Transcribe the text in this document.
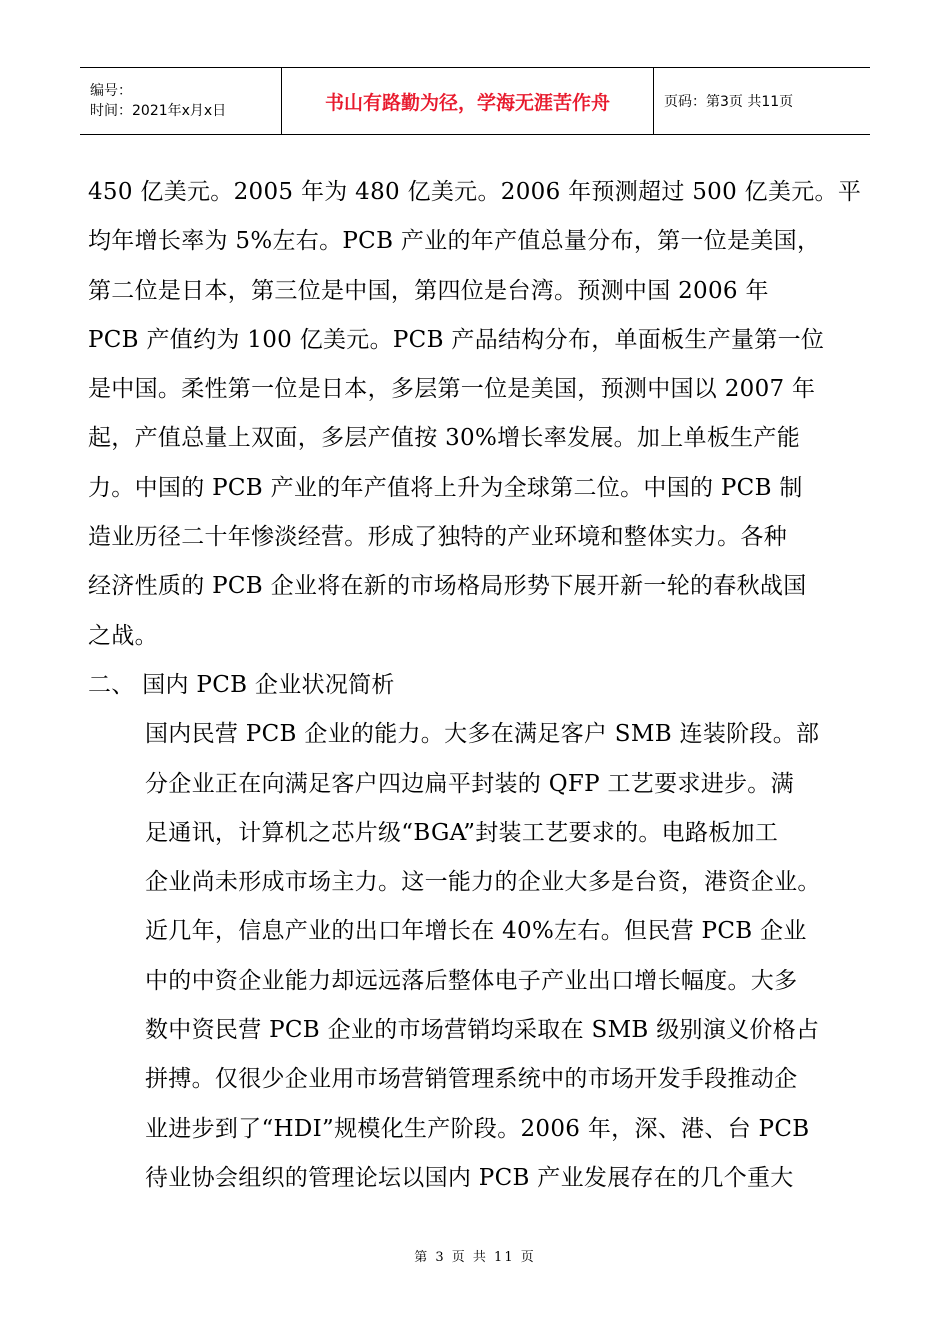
编号：
时间：2021年x月x日	书山有路勤为径，学海无涯苦作舟	页码：第3页 共11页
450 亿美元。2005 年为 480 亿美元。2006 年预测超过 500 亿美元。平
均年增长率为 5%左右。PCB 产业的年产值总量分布，第一位是美国，
第二位是日本，第三位是中国，第四位是台湾。预测中国 2006 年
PCB 产值约为 100 亿美元。PCB 产品结构分布，单面板生产量第一位
是中国。柔性第一位是日本，多层第一位是美国，预测中国以 2007 年
起，产值总量上双面，多层产值按 30%增长率发展。加上单板生产能
力。中国的 PCB 产业的年产值将上升为全球第二位。中国的 PCB 制
造业历径二十年惨淡经营。形成了独特的产业环境和整体实力。各种
经济性质的 PCB 企业将在新的市场格局形势下展开新一轮的春秋战国
之战。
二、 国内 PCB 企业状况简析
国内民营 PCB 企业的能力。大多在满足客户 SMB 连装阶段。部
分企业正在向满足客户四边扁平封装的 QFP 工艺要求进步。满
足通讯，计算机之芯片级“BGA”封装工艺要求的。电路板加工
企业尚未形成市场主力。这一能力的企业大多是台资，港资企业。
近几年，信息产业的出口年增长在 40%左右。但民营 PCB 企业
中的中资企业能力却远远落后整体电子产业出口增长幅度。大多
数中资民营 PCB 企业的市场营销均采取在 SMB 级别演义价格占
拼搏。仅很少企业用市场营销管理系统中的市场开发手段推动企
业进步到了“HDI”规模化生产阶段。2006 年，深、港、台 PCB
待业协会组织的管理论坛以国内 PCB 产业发展存在的几个重大
第 3 页 共 11 页
